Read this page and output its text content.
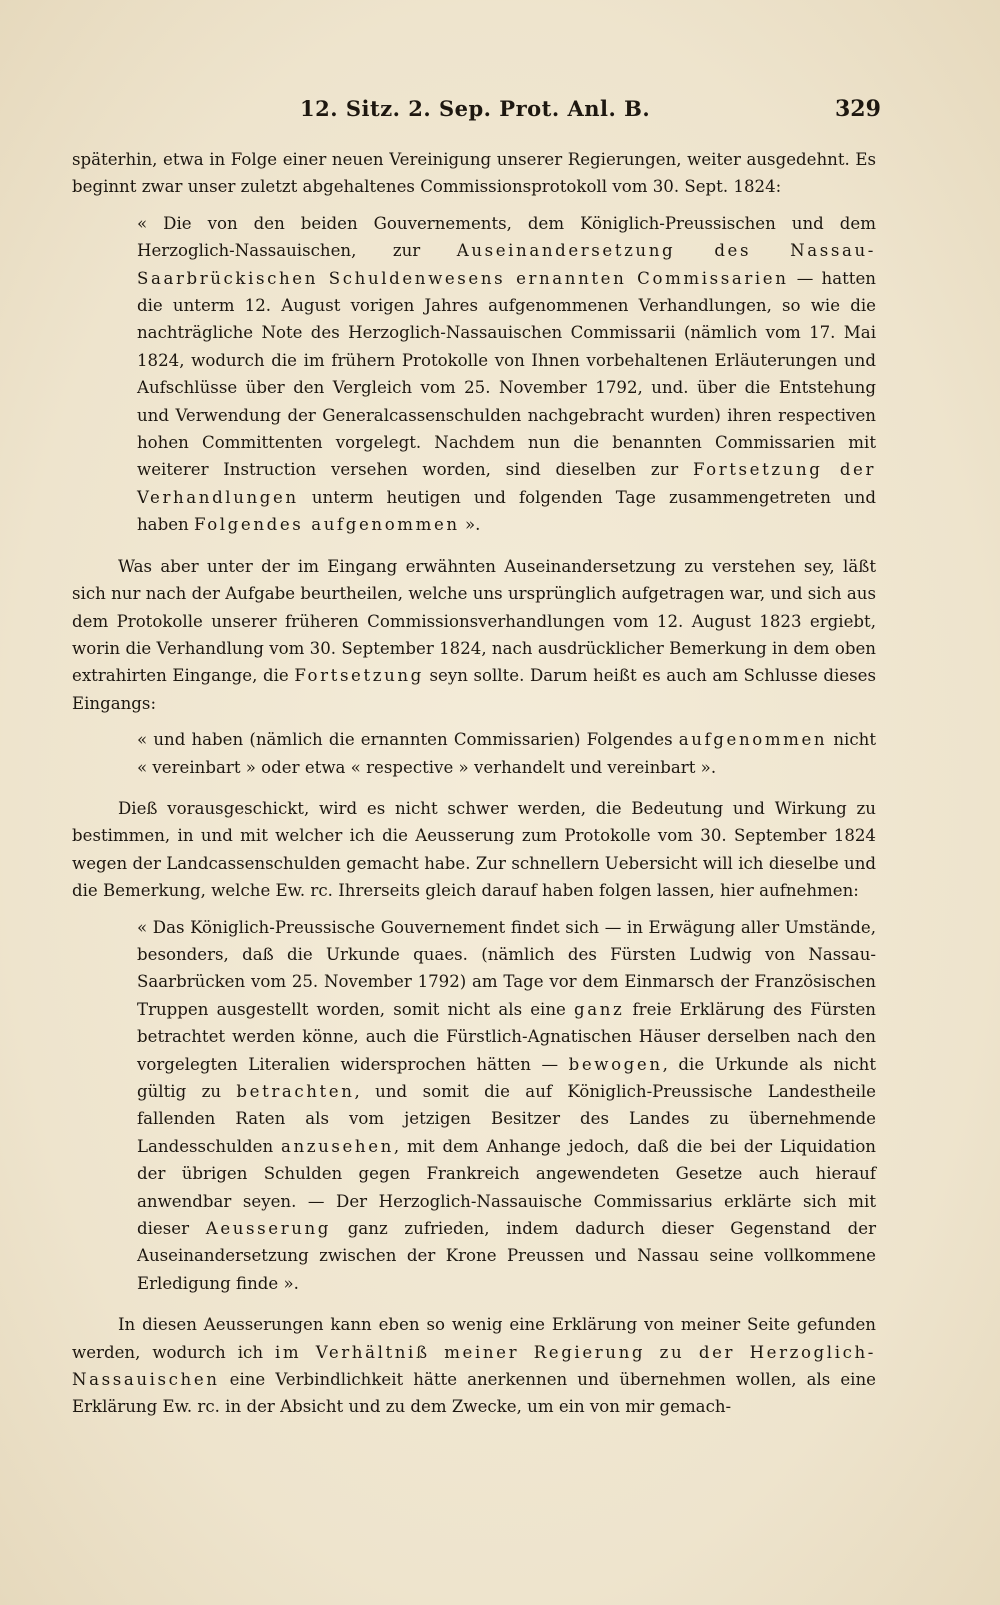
12. Sitz. 2. Sep. Prot. Anl. B.	329

späterhin, etwa in Folge einer neuen Vereinigung unserer Regierungen, weiter ausgedehnt. Es beginnt zwar unser zuletzt abgehaltenes Commissionsprotokoll vom 30. Sept. 1824:

« Die von den beiden Gouvernements, dem Königlich-Preussischen und dem Herzoglich-Nassauischen, zur Auseinandersetzung des Nassau-Saarbrückischen Schuldenwesens ernannten Commissarien — hatten die unterm 12. August vorigen Jahres aufgenommenen Verhandlungen, so wie die nachträgliche Note des Herzoglich-Nassauischen Commissarii (nämlich vom 17. Mai 1824, wodurch die im frühern Protokolle von Ihnen vorbehaltenen Erläuterungen und Aufschlüsse über den Vergleich vom 25. November 1792, und. über die Entstehung und Verwendung der Generalcassenschulden nachgebracht wurden) ihren respectiven hohen Committenten vorgelegt. Nachdem nun die benannten Commissarien mit weiterer Instruction versehen worden, sind dieselben zur Fortsetzung der Verhandlungen unterm heutigen und folgenden Tage zusammengetreten und haben Folgendes aufgenommen ».

Was aber unter der im Eingang erwähnten Auseinandersetzung zu verstehen sey, läßt sich nur nach der Aufgabe beurtheilen, welche uns ursprünglich aufgetragen war, und sich aus dem Protokolle unserer früheren Commissionsverhandlungen vom 12. August 1823 ergiebt, worin die Verhandlung vom 30. September 1824, nach ausdrücklicher Bemerkung in dem oben extrahirten Eingange, die Fortsetzung seyn sollte. Darum heißt es auch am Schlusse dieses Eingangs:

« und haben (nämlich die ernannten Commissarien) Folgendes aufgenommen nicht « vereinbart » oder etwa « respective » verhandelt und vereinbart ».

Dieß vorausgeschickt, wird es nicht schwer werden, die Bedeutung und Wirkung zu bestimmen, in und mit welcher ich die Aeusserung zum Protokolle vom 30. September 1824 wegen der Landcassenschulden gemacht habe. Zur schnellern Uebersicht will ich dieselbe und die Bemerkung, welche Ew. rc. Ihrerseits gleich darauf haben folgen lassen, hier aufnehmen:

« Das Königlich-Preussische Gouvernement findet sich — in Erwägung aller Umstände, besonders, daß die Urkunde quaes. (nämlich des Fürsten Ludwig von Nassau-Saarbrücken vom 25. November 1792) am Tage vor dem Einmarsch der Französischen Truppen ausgestellt worden, somit nicht als eine ganz freie Erklärung des Fürsten betrachtet werden könne, auch die Fürstlich-Agnatischen Häuser derselben nach den vorgelegten Literalien widersprochen hätten — bewogen, die Urkunde als nicht gültig zu betrachten, und somit die auf Königlich-Preussische Landestheile fallenden Raten als vom jetzigen Besitzer des Landes zu übernehmende Landesschulden anzusehen, mit dem Anhange jedoch, daß die bei der Liquidation der übrigen Schulden gegen Frankreich angewendeten Gesetze auch hierauf anwendbar seyen. — Der Herzoglich-Nassauische Commissarius erklärte sich mit dieser Aeusserung ganz zufrieden, indem dadurch dieser Gegenstand der Auseinandersetzung zwischen der Krone Preussen und Nassau seine vollkommene Erledigung finde ».

In diesen Aeusserungen kann eben so wenig eine Erklärung von meiner Seite gefunden werden, wodurch ich im Verhältniß meiner Regierung zu der Herzoglich-Nassauischen eine Verbindlichkeit hätte anerkennen und übernehmen wollen, als eine Erklärung Ew. rc. in der Absicht und zu dem Zwecke, um ein von mir gemach-
